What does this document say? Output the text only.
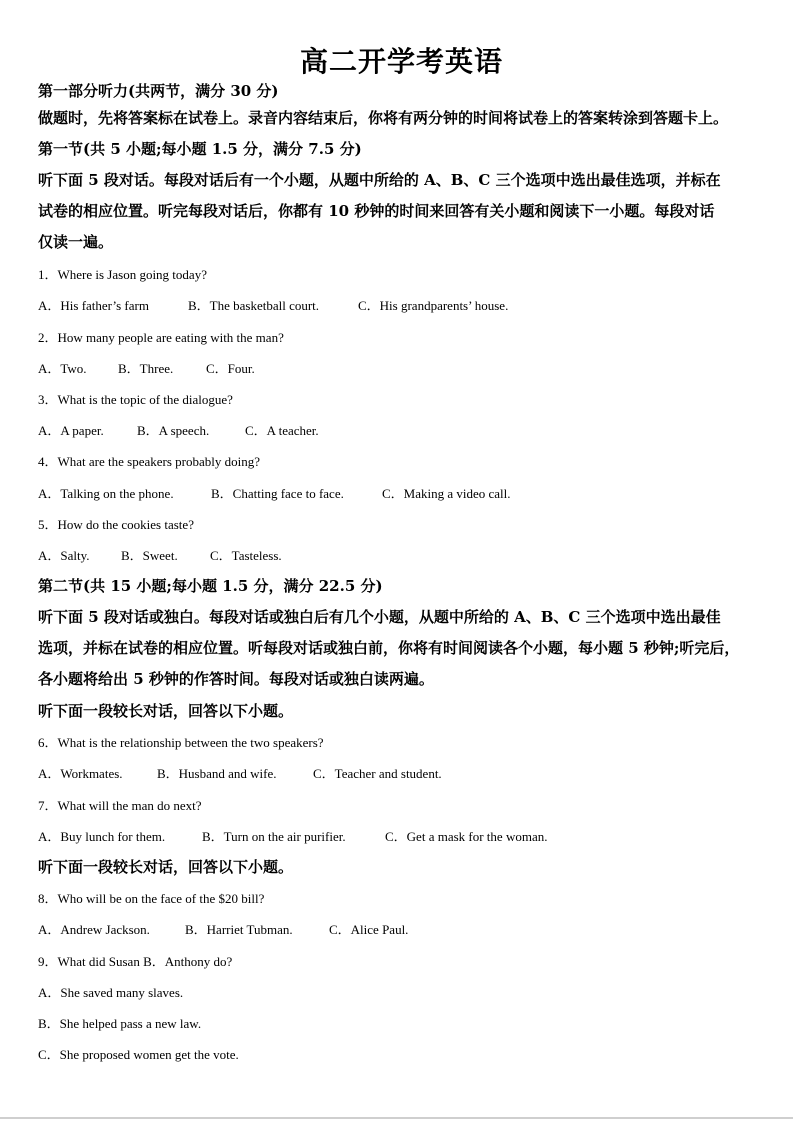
高二开学考英语
第一部分听力(共两节，满分 30 分)
做题时，先将答案标在试卷上。录音内容结束后，你将有两分钟的时间将试卷上的答案转涂到答题卡上。
第一节(共 5 小题;每小题 1.5 分，满分 7.5 分)
听下面 5 段对话。每段对话后有一个小题，从题中所给的 A、B、C 三个选项中选出最佳选项，并标在
试卷的相应位置。听完每段对话后，你都有 10 秒钟的时间来回答有关小题和阅读下一小题。每段对话
仅读一遍。
1．Where is Jason going today?
A．His father’s farm	B．The basketball court.	C．His grandparents’ house.
2．How many people are eating with the man?
A．Two. B．Three.	C．Four.
3．What is the topic of the dialogue?
A．A paper.	B．A speech.	C．A teacher.
4．What are the speakers probably doing?
A．Talking on the phone.	B．Chatting face to face.	C．Making a video call.
5．How do the cookies taste?
A．Salty. B．Sweet. C．Tasteless.
第二节(共 15 小题;每小题 1.5 分，满分 22.5 分)
听下面 5 段对话或独白。每段对话或独白后有几个小题，从题中所给的 A、B、C 三个选项中选出最佳
选项，并标在试卷的相应位置。听每段对话或独白前，你将有时间阅读各个小题，每小题 5 秒钟;听完后，
各小题将给出 5 秒钟的作答时间。每段对话或独白读两遍。
听下面一段较长对话，回答以下小题。
6．What is the relationship between the two speakers?
A．Workmates.	B．Husband and wife.	C．Teacher and student.
7．What will the man do next?
A．Buy lunch for them.	B．Turn on the air purifier.	C．Get a mask for the woman.
听下面一段较长对话，回答以下小题。
8．Who will be on the face of the $20 bill?
A．Andrew Jackson.	B．Harriet Tubman.	C．Alice Paul.
9．What did Susan B．Anthony do?
A．She saved many slaves.
B．She helped pass a new law.
C．She proposed women get the vote.
